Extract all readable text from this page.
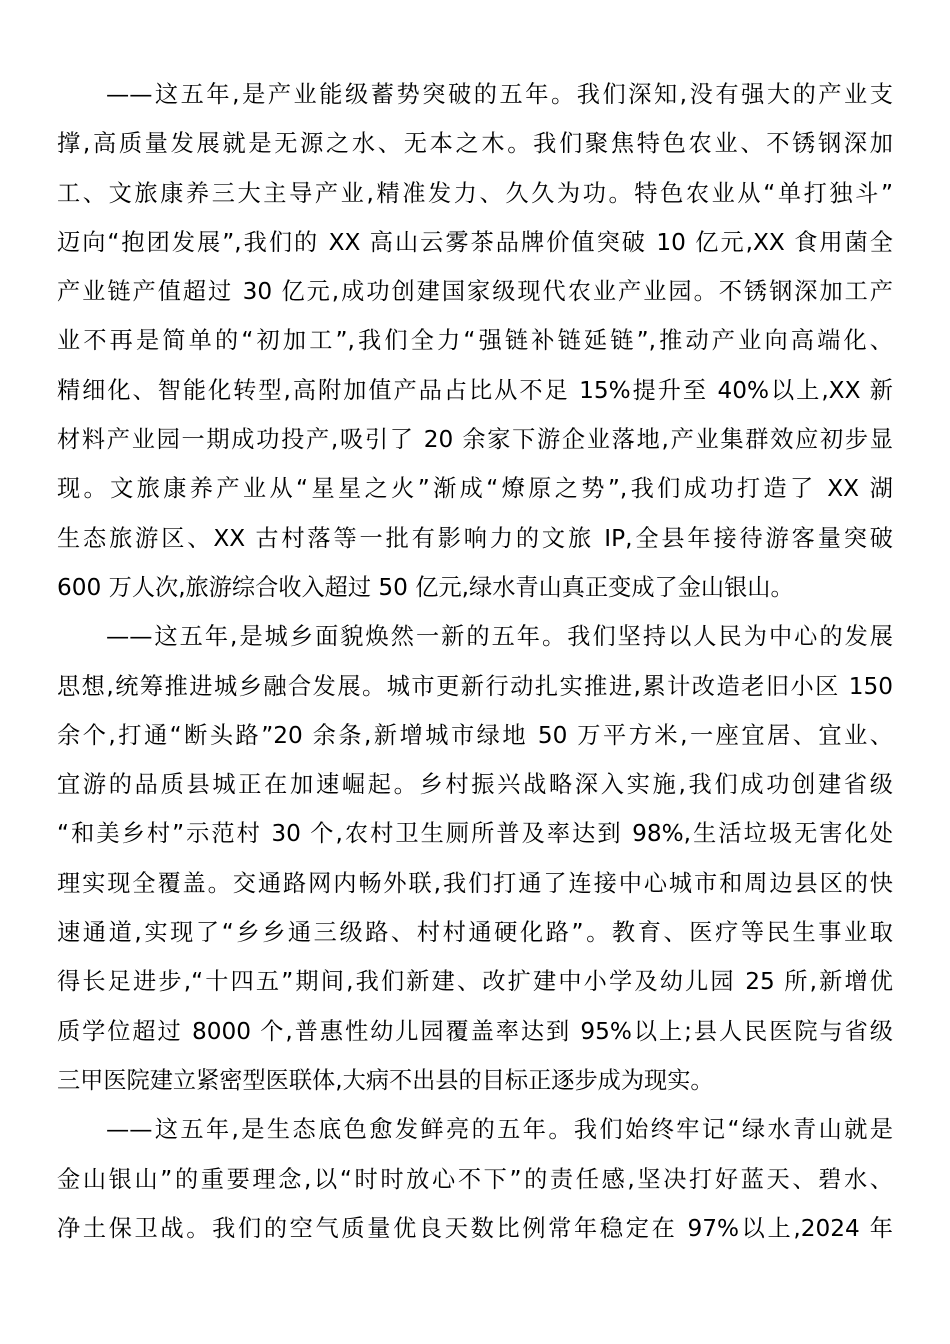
——这五年,是产业能级蓄势突破的五年。我们深知,没有强大的产业支
撑,高质量发展就是无源之水、无本之木。我们聚焦特色农业、不锈钢深加
工、文旅康养三大主导产业,精准发力、久久为功。特色农业从“单打独斗”
迈向“抱团发展”,我们的 XX 高山云雾茶品牌价值突破 10 亿元,XX 食用菌全
产业链产值超过 30 亿元,成功创建国家级现代农业产业园。不锈钢深加工产
业不再是简单的“初加工”,我们全力“强链补链延链”,推动产业向高端化、
精细化、智能化转型,高附加值产品占比从不足 15%提升至 40%以上,XX 新
材料产业园一期成功投产,吸引了 20 余家下游企业落地,产业集群效应初步显
现。文旅康养产业从“星星之火”渐成“燎原之势”,我们成功打造了 XX 湖
生态旅游区、XX 古村落等一批有影响力的文旅 IP,全县年接待游客量突破
600 万人次,旅游综合收入超过 50 亿元,绿水青山真正变成了金山银山。
——这五年,是城乡面貌焕然一新的五年。我们坚持以人民为中心的发展
思想,统筹推进城乡融合发展。城市更新行动扎实推进,累计改造老旧小区 150
余个,打通“断头路”20 余条,新增城市绿地 50 万平方米,一座宜居、宜业、
宜游的品质县城正在加速崛起。乡村振兴战略深入实施,我们成功创建省级
“和美乡村”示范村 30 个,农村卫生厕所普及率达到 98%,生活垃圾无害化处
理实现全覆盖。交通路网内畅外联,我们打通了连接中心城市和周边县区的快
速通道,实现了“乡乡通三级路、村村通硬化路”。教育、医疗等民生事业取
得长足进步,“十四五”期间,我们新建、改扩建中小学及幼儿园 25 所,新增优
质学位超过 8000 个,普惠性幼儿园覆盖率达到 95%以上;县人民医院与省级
三甲医院建立紧密型医联体,大病不出县的目标正逐步成为现实。
——这五年,是生态底色愈发鲜亮的五年。我们始终牢记“绿水青山就是
金山银山”的重要理念,以“时时放心不下”的责任感,坚决打好蓝天、碧水、
净土保卫战。我们的空气质量优良天数比例常年稳定在 97%以上,2024 年
